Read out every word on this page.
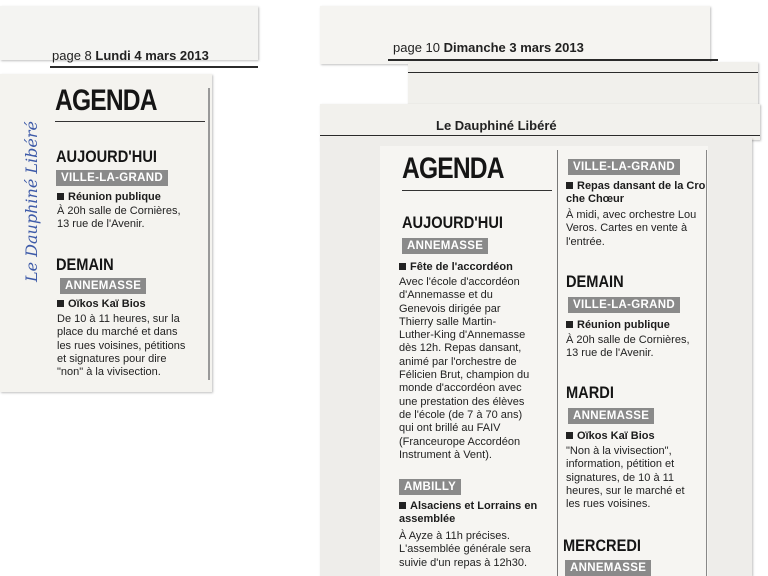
page 8 Lundi 4 mars 2013
Le Dauphiné Libéré
AGENDA
AUJOURD'HUI
VILLE-LA-GRAND
Réunion publique
À 20h salle de Cornières,
13 rue de l'Avenir.
DEMAIN
ANNEMASSE
Oïkos Kaï Bios
De 10 à 11 heures, sur la
place du marché et dans
les rues voisines, pétitions
et signatures pour dire
"non" à la vivisection.
page 10 Dimanche 3 mars 2013
Le Dauphiné Libéré
AGENDA
AUJOURD'HUI
ANNEMASSE
Fête de l'accordéon
Avec l'école d'accordéon
d'Annemasse et du
Genevois dirigée par
Thierry salle Martin-
Luther-King d'Annemasse
dès 12h. Repas dansant,
animé par l'orchestre de
Félicien Brut, champion du
monde d'accordéon avec
une prestation des élèves
de l'école (de 7 à 70 ans)
qui ont brillé au FAIV
(Franceurope Accordéon
Instrument à Vent).
AMBILLY
Alsaciens et Lorrains en
assemblée
À Ayze à 11h précises.
L'assemblée générale sera
suivie d'un repas à 12h30.
VILLE-LA-GRAND
Repas dansant de la Cro
che Chœur
À midi, avec orchestre Lou
Veros. Cartes en vente à
l'entrée.
DEMAIN
VILLE-LA-GRAND
Réunion publique
À 20h salle de Cornières,
13 rue de l'Avenir.
MARDI
ANNEMASSE
Oïkos Kaï Bios
"Non à la vivisection",
information, pétition et
signatures, de 10 à 11
heures, sur le marché et
les rues voisines.
MERCREDI
ANNEMASSE
